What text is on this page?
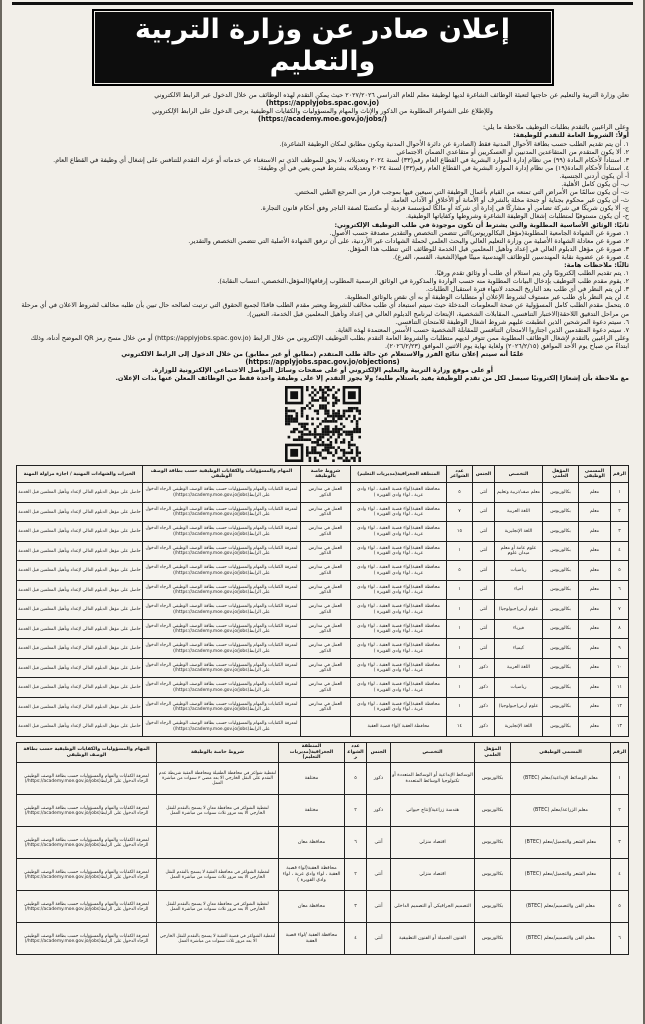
إعلان صادر عن وزارة التربية والتعليم
تعلن وزارة التربية والتعليم عن حاجتها لتعبئة الوظائف الشاغرة لديها لوظيفة معلم للعام الدراسي ٢٠٢٧/٢٠٢٦ حيث يمكن التقدم لهذه الوظائف من خلال الدخول عبر الرابط الالكتروني
(https://applyjobs.spac.gov.jo)
وللإطلاع على الشواغر المطلوبة من الذكور والإناث والمهام والمسؤوليات والكفايات الوظيفية يرجى الدخول على الرابط الإلكتروني
(https://academy.moe.gov.jo/jobs/)
وعلى الراغبين بالتقدم بطلبات التوظيف ملاحظة ما يلي:
أولاً: الشروط العامة للتقدم للوظيفة:
١. أن يتم تقديم الطلب حسب بطاقة الأحوال المدنية فقط (الصادرة عن دائرة الأحوال المدنية ويكون مطابق لمكان الوظيفة الشاغرة).
٢. ألا يكون المتقدم من المتقاعدين المدنيين أو العسكريين أو متقاعدي الضمان الاجتماعي
٣. استناداً لأحكام المادة (٩٩) من نظام إدارة الموارد البشرية في القطاع العام رقم(٣٣) لسنة ٢٠٢٤ وتعديلاته، لا يحق للموظف الذي تم الاستغناء عن خدماته أو عزله التقدم للتنافس على إشغال أي وظيفة في القطاع العام.
٤. استناداً لأحكام المادة(١٩) من نظام إدارة الموارد البشرية في القطاع العام رقم(٣٣) لسنة ٢٠٢٤ وتعديلاته يشترط فيمن يعين في أي وظيفة:
أ- أن يكون أردني الجنسية.
ب- أن يكون كامل الأهلية.
ت- أن يكون سالمًا من الأمراض التي تمنعه من القيام بأعمال الوظيفة التي سيعين فيها بموجب قرار من المرجع الطبي المختص.
ث- أن يكون غير محكوم بجناية أو جنحة مخلة بالشرف أو الأمانة أو الأخلاق أو الآداب العامة.
ج- ألا يكون شريكًا في شركة تضامن أو مشاركًا في إدارة أي شركة أو مالكًا لمؤسسة فردية أو مكتسبًا لصفة التاجر وفق أحكام قانون التجارة.
ح- أن يكون مستوفيًا لمتطلبات إشغال الوظيفة الشاغرة وشروطها وكفاياتها الوظيفية.
ثانيًا: الوثائق الأساسية المطلوبة والتي يشترط أن تكون موجودة في طلب التوظيف الإلكتروني:
١. صورة عن الشهادة الجامعية المطلوبة(مؤهل البكالوريوس)التي تتضمن التخصص والتقدير مصدقة حسب الأصول.
٢. صورة عن معادلة الشهادة الأصلية من وزارة التعليم العالي والبحث العلمي لحملة الشهادات غير الأردنية، على أن ترفق الشهادة الأصلية التي تتضمن التخصص والتقدير.
٣. صورة عن مؤهل الدبلوم العالي في إعداد وتأهيل المعلمين قبل الخدمة للوظائف التي تتطلب هذا المؤهل.
٤. صورة عن عضوية نقابة المهندسين للوظائف الهندسية مبينًا فيها(الشعبة، القسم، الفرع).
ثالثًا: ملاحظات هامة:
١. يتم تقديم الطلب إلكترونيًا ولن يتم استلام أي طلب أو وثائق تقدم ورقيًا.
٢. يقوم مقدم طلب التوظيف بإدخال البيانات المطلوبة منه حسب الواردة والمذكورة في الوثائق الرسمية المطلوب إرفاقها(المؤهل،التخصص، انتساب النقابة).
٣. لن يتم النظر في أي طلب بعد التاريخ المحدد لانتهاء فترة استقبال الطلبات.
٤. لن يتم النظر بأي طلب غير مستوف لشروط الإعلان أو متطلبات الوظيفة أو به أي نقص بالوثائق المطلوبة.
٥. يتحمل مقدم الطلب كامل المسؤولية عن صحة المعلومات المدخلة حيث سيتم استبعاد أي طلب مخالف للشروط ويعتبر مقدم الطلب فاقدًا لجميع الحقوق التي ترتبت لصالحه حال تبين بأن طلبه مخالف لشروط الاعلان في أي مرحلة من مراحل التدقيق اللاحقة(الاختبار التنافسي، المقابلات الشخصية، الإبتعاث لبرنامج الدبلوم العالي في إعداد وتأهيل المعلمين قبل الخدمة، التعيين).
٦. سيتم دعوة المرشحين الذين انطبقت عليهم شروط اشغال الوظيفة للامتحان التنافسي.
٧. سيتم دعوة المتقدمين الذين اجتازوا الامتحان التنافسي للمقابلة الشخصية حسب الأسس المعتمدة لهذه الغاية.
وعلى الراغبين بالتقدم لإشغال الوظائف المطلوبة ممن تتوفر لديهم متطلبات والشروط العامة التقدم بطلب التوظيف الإلكتروني من خلال الرابط (https://applyjobs.spac.gov.jo) أو من خلال مسح رمز QR الموضح أدناه، وذلك ابتداءً من صباح يوم الأحد الموافق (٢٠٢٦/٢/١٥) ولغاية نهاية يوم الاثنين الموافق (٢٠٢٦/٢/٢٣).
علمًا أنه سيتم إعلان نتائج الفرز والاستعلام عن حالة طلب المتقدم (مطابق أو غير مطابق) من خلال الدخول إلى الرابط الالكتروني
(https://applyjobs.spac.gov.jo/objections)
أو على موقع وزارة التربية والتعليم الإلكتروني أو على صفحات وسائل التواصل الاجتماعي الإلكترونية للوزارة.
مع ملاحظة بأن إشعارًا إلكترونيًا سيصل لكل من تقدم للوظيفة يفيد باستلام طلبه؛ ولا يجوز التقدم إلا على وظيفة واحدة فقط من الوظائف المعلن عنها بذات الإعلان.
الرقم	المسمى الوظيفي	المؤهل العلمي	التخصص	الجنس	عدد الشواغر	المنطقة الجغرافية(مديريات التعليم)	شروط خاصة بالوظيفة	المهام والمسؤوليات والكفايات الوظيفية حسب بطاقة الوصف الوظيفي	الخبرات والشهادات المهنية / اجازة مزاولة المهنة
١	معلم	بكالوريوس	معلم صف/تربية وتعليم	أنثى	٥	محافظة العقبة(لواء قصبة العقبة ، لواء وادي عربة ، لواء وادي القويرة )	العمل في مدارس الذكور	لمعرفة الكفايات والمهام والمسؤوليات حسب بطاقة الوصف الوظيفي الرجاء الدخول على الرابط(https://academy.moe.gov.jo/jobs/)	حاصل على مؤهل الدبلوم العالي لإعداد وتأهيل المعلمين قبل الخدمة
٢	معلم	بكالوريوس	اللغة العربية	أنثى	٧	محافظة العقبة(لواء قصبة العقبة ، لواء وادي عربة ، لواء وادي القويرة )	العمل في مدارس الذكور	لمعرفة الكفايات والمهام والمسؤوليات حسب بطاقة الوصف الوظيفي الرجاء الدخول على الرابط(https://academy.moe.gov.jo/jobs/)	حاصل على مؤهل الدبلوم العالي لإعداد وتأهيل المعلمين قبل الخدمة
٣	معلم	بكالوريوس	اللغة الإنجليزية	أنثى	١٥	محافظة العقبة(لواء قصبة العقبة ، لواء وادي عربة ، لواء وادي القويرة )	العمل في مدارس الذكور	لمعرفة الكفايات والمهام والمسؤوليات حسب بطاقة الوصف الوظيفي الرجاء الدخول على الرابط(https://academy.moe.gov.jo/jobs/)	حاصل على مؤهل الدبلوم العالي لإعداد وتأهيل المعلمين قبل الخدمة
٤	معلم	بكالوريوس	علوم عامة أو معلم ميدان علوم	أنثى	١	محافظة العقبة(لواء قصبة العقبة ، لواء وادي عربة ، لواء وادي القويرة )	العمل في مدارس الذكور	لمعرفة الكفايات والمهام والمسؤوليات حسب بطاقة الوصف الوظيفي الرجاء الدخول على الرابط(https://academy.moe.gov.jo/jobs/)	حاصل على مؤهل الدبلوم العالي لإعداد وتأهيل المعلمين قبل الخدمة
٥	معلم	بكالوريوس	رياضيات	أنثى	٥	محافظة العقبة(لواء قصبة العقبة ، لواء وادي عربة ، لواء وادي القويرة )	العمل في مدارس الذكور	لمعرفة الكفايات والمهام والمسؤوليات حسب بطاقة الوصف الوظيفي الرجاء الدخول على الرابط(https://academy.moe.gov.jo/jobs/)	حاصل على مؤهل الدبلوم العالي لإعداد وتأهيل المعلمين قبل الخدمة
٦	معلم	بكالوريوس	أحياء	أنثى	١	محافظة العقبة(لواء قصبة العقبة ، لواء وادي عربة ، لواء وادي القويرة )	العمل في مدارس الذكور	لمعرفة الكفايات والمهام والمسؤوليات حسب بطاقة الوصف الوظيفي الرجاء الدخول على الرابط(https://academy.moe.gov.jo/jobs/)	حاصل على مؤهل الدبلوم العالي لإعداد وتأهيل المعلمين قبل الخدمة
٧	معلم	بكالوريوس	علوم أرض(جيولوجيا)	أنثى	١	محافظة العقبة(لواء قصبة العقبة ، لواء وادي عربة ، لواء وادي القويرة )	العمل في مدارس الذكور	لمعرفة الكفايات والمهام والمسؤوليات حسب بطاقة الوصف الوظيفي الرجاء الدخول على الرابط(https://academy.moe.gov.jo/jobs/)	حاصل على مؤهل الدبلوم العالي لإعداد وتأهيل المعلمين قبل الخدمة
٨	معلم	بكالوريوس	فيزياء	أنثى	١	محافظة العقبة(لواء قصبة العقبة ، لواء وادي عربة ، لواء وادي القويرة )	العمل في مدارس الذكور	لمعرفة الكفايات والمهام والمسؤوليات حسب بطاقة الوصف الوظيفي الرجاء الدخول على الرابط(https://academy.moe.gov.jo/jobs/)	حاصل على مؤهل الدبلوم العالي لإعداد وتأهيل المعلمين قبل الخدمة
٩	معلم	بكالوريوس	كيمياء	أنثى	١	محافظة العقبة(لواء قصبة العقبة ، لواء وادي عربة ، لواء وادي القويرة )	العمل في مدارس الذكور	لمعرفة الكفايات والمهام والمسؤوليات حسب بطاقة الوصف الوظيفي الرجاء الدخول على الرابط(https://academy.moe.gov.jo/jobs/)	حاصل على مؤهل الدبلوم العالي لإعداد وتأهيل المعلمين قبل الخدمة
١٠	معلم	بكالوريوس	اللغة العربية	ذكور	١	محافظة العقبة(لواء قصبة العقبة ، لواء وادي عربة ، لواء وادي القويرة )	العمل في مدارس الذكور	لمعرفة الكفايات والمهام والمسؤوليات حسب بطاقة الوصف الوظيفي الرجاء الدخول على الرابط(https://academy.moe.gov.jo/jobs/)	حاصل على مؤهل الدبلوم العالي لإعداد وتأهيل المعلمين قبل الخدمة
١١	معلم	بكالوريوس	رياضيات	ذكور	١	محافظة العقبة(لواء قصبة العقبة ، لواء وادي عربة ، لواء وادي القويرة )	العمل في مدارس الذكور	لمعرفة الكفايات والمهام والمسؤوليات حسب بطاقة الوصف الوظيفي الرجاء الدخول على الرابط(https://academy.moe.gov.jo/jobs/)	حاصل على مؤهل الدبلوم العالي لإعداد وتأهيل المعلمين قبل الخدمة
١٢	معلم	بكالوريوس	علوم أرض(جيولوجيا)	ذكور	١	محافظة العقبة(لواء قصبة العقبة ، لواء وادي عربة ، لواء وادي القويرة )	العمل في مدارس الذكور	لمعرفة الكفايات والمهام والمسؤوليات حسب بطاقة الوصف الوظيفي الرجاء الدخول على الرابط(https://academy.moe.gov.jo/jobs/)	حاصل على مؤهل الدبلوم العالي لإعداد وتأهيل المعلمين قبل الخدمة
١٣	معلم	بكالوريوس	اللغة الإنجليزية	ذكور	١٤	محافظة العقبة /لواء قصبة العقبة		لمعرفة الكفايات والمهام والمسؤوليات حسب بطاقة الوصف الوظيفي الرجاء الدخول على الرابط(https://academy.moe.gov.jo/jobs/)	حاصل على مؤهل الدبلوم العالي لإعداد وتأهيل المعلمين قبل الخدمة
الرقم	المسمى الوظيفي	المؤهل العلمي	التخصص	الجنس	عدد الشواغر	المنطقة الجغرافية(مديريات التعليم)	شروط خاصة بالوظيفة	المهام والمسؤوليات والكفايات الوظيفية حسب بطاقة الوصف الوظيفي
١	معلم الوسائط الإبداعية/معلم (BTEC)	بكالوريوس	الوسائط الإبداعية أو الوسائط المتعددة أو تكنولوجيا الوسائط المتعددة	ذكور	٥	مختلفة	لتغطية شواغر في محافظة الطفيلة ومحافظة العقبة شريطة عدم التقدم على النقل الخارجي الا بعد مضي ٣ سنوات من مباشرة العمل	لمعرفة الكفايات والمهام والمسؤوليات حسب بطاقة الوصف الوظيفي الرجاء الدخول على الرابط(https://academy.moe.gov.jo/jobs/)
٢	معلم الزراعة/معلم (BTEC)	بكالوريوس	هندسة زراعية/إنتاج حيواني	ذكور	٢	مختلفة	لتغطية الشواغر في محافظة معان لا يسمح بالتقدم للنقل الخارجي الا بعد مرور ثلاث سنوات من مباشرة العمل	لمعرفة الكفايات والمهام والمسؤوليات حسب بطاقة الوصف الوظيفي الرجاء الدخول على الرابط(https://academy.moe.gov.jo/jobs/)
٣	معلم الشعر والتجميل/معلم (BTEC)	بكالوريوس	اقتصاد منزلي	أنثى	٦	محافظة معان		لمعرفة الكفايات والمهام والمسؤوليات حسب بطاقة الوصف الوظيفي الرجاء الدخول على الرابط(https://academy.moe.gov.jo/jobs/)
٤	معلم الشعر والتجميل/معلم (BTEC)	بكالوريوس	اقتصاد منزلي	أنثى	٢	محافظة العقبة(لواء قصبة العقبة ، لواء وادي عربة ، لواء وادي القويرة )	لتغطية الشواغر في محافظة العقبة لا يسمح بالتقدم للنقل الخارجي الا بعد مرور ثلاث سنوات من مباشرة العمل	لمعرفة الكفايات والمهام والمسؤوليات حسب بطاقة الوصف الوظيفي الرجاء الدخول على الرابط(https://academy.moe.gov.jo/jobs/)
٥	معلم الفن والتصميم/معلم (BTEC)	بكالوريوس	التصميم الجرافيكي أو التصميم الداخلي	أنثى	٣	محافظة معان	لتغطية الشواغر في محافظة معان لا يسمح بالتقدم للنقل الخارجي الا بعد مرور ثلاث سنوات من مباشرة العمل	لمعرفة الكفايات والمهام والمسؤوليات حسب بطاقة الوصف الوظيفي الرجاء الدخول على الرابط(https://academy.moe.gov.jo/jobs/)
٦	معلم الفن والتصميم/معلم (BTEC)	بكالوريوس	الفنون الجميلة أو الفنون التطبيقية	أنثى	٤	محافظة العقبة /لواء قصبة العقبة	لتغطية الشواغر في قصبة العقبة لا يسمح بالتقدم للنقل الخارجي الا بعد مرور ثلاث سنوات من مباشرة العمل	لمعرفة الكفايات والمهام والمسؤوليات حسب بطاقة الوصف الوظيفي الرجاء الدخول على الرابط(https://academy.moe.gov.jo/jobs/)
